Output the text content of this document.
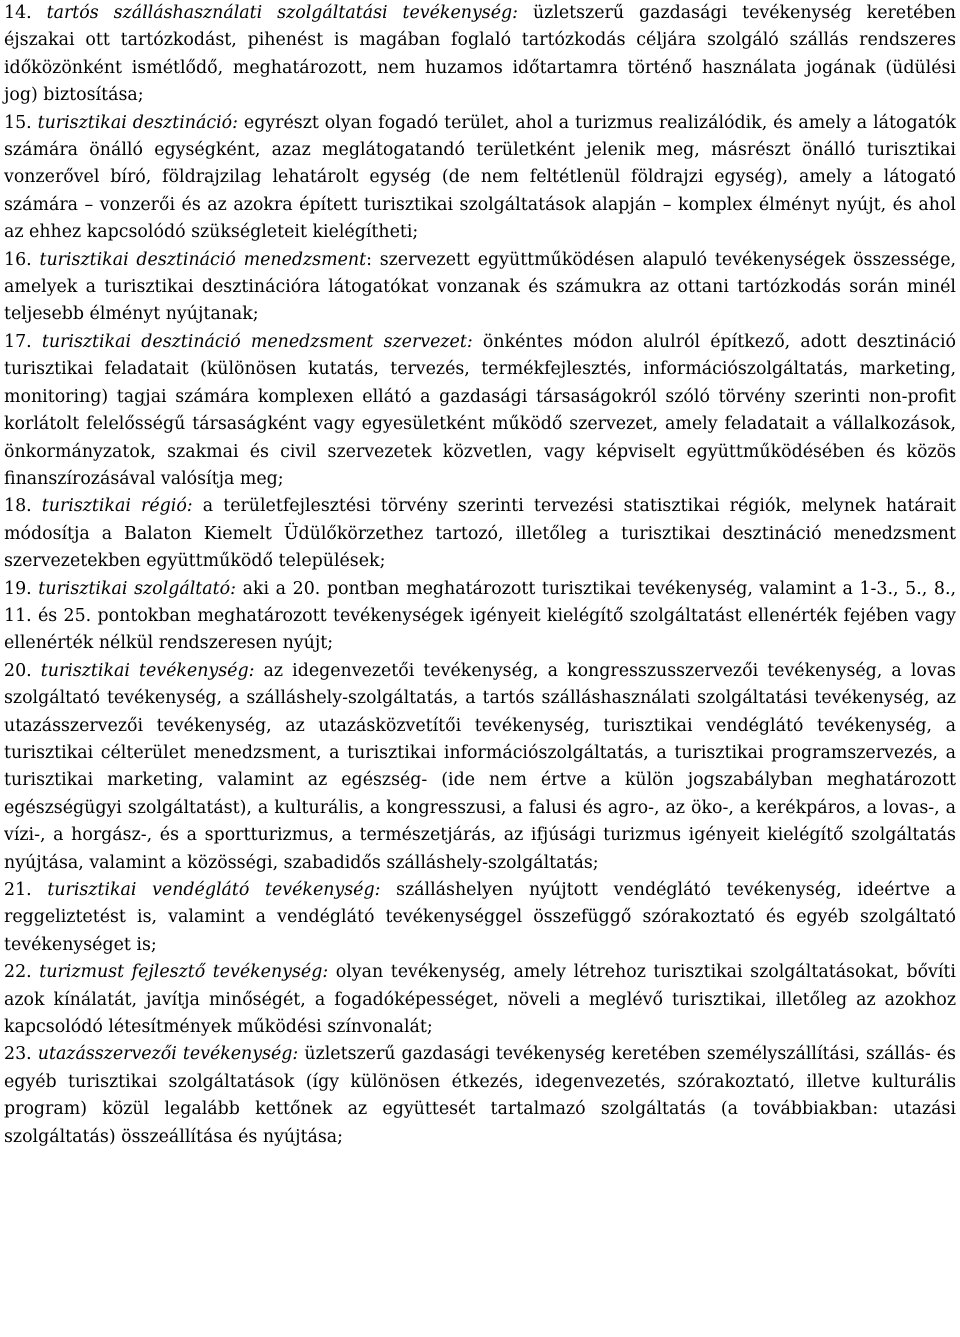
14. tartós szálláshasználati szolgáltatási tevékenység: üzletszerű gazdasági tevékenység keretében éjszakai ott tartózkodást, pihenést is magában foglaló tartózkodás céljára szolgáló szállás rendszeres időközönként ismétlődő, meghatározott, nem huzamos időtartamra történő használata jogának (üdülési jog) biztosítása;

15. turisztikai desztináció: egyrészt olyan fogadó terület, ahol a turizmus realizálódik, és amely a látogatók számára önálló egységként, azaz meglátogatandó területként jelenik meg, másrészt önálló turisztikai vonzerővel bíró, földrajzilag lehatárolt egység (de nem feltétlenül földrajzi egység), amely a látogató számára – vonzerői és az azokra épített turisztikai szolgáltatások alapján – komplex élményt nyújt, és ahol az ehhez kapcsolódó szükségleteit kielégítheti;

16. turisztikai desztináció menedzsment: szervezett együttműködésen alapuló tevékenységek összessége, amelyek a turisztikai desztinációra látogatókat vonzanak és számukra az ottani tartózkodás során minél teljesebb élményt nyújtanak;

17. turisztikai desztináció menedzsment szervezet: önkéntes módon alulról építkező, adott desztináció turisztikai feladatait (különösen kutatás, tervezés, termékfejlesztés, információszolgáltatás, marketing, monitoring) tagjai számára komplexen ellátó a gazdasági társaságokról szóló törvény szerinti non-profit korlátolt felelősségű társaságként vagy egyesületként működő szervezet, amely feladatait a vállalkozások, önkormányzatok, szakmai és civil szervezetek közvetlen, vagy képviselt együttműködésében és közös finanszírozásával valósítja meg;

18. turisztikai régió: a területfejlesztési törvény szerinti tervezési statisztikai régiók, melynek határait módosítja a Balaton Kiemelt Üdülőkörzethez tartozó, illetőleg a turisztikai desztináció menedzsment szervezetekben együttműködő települések;

19. turisztikai szolgáltató: aki a 20. pontban meghatározott turisztikai tevékenység, valamint a 1-3., 5., 8., 11. és 25. pontokban meghatározott tevékenységek igényeit kielégítő szolgáltatást ellenérték fejében vagy ellenérték nélkül rendszeresen nyújt;

20. turisztikai tevékenység: az idegenvezetői tevékenység, a kongresszusszervezői tevékenység, a lovas szolgáltató tevékenység, a szálláshely-szolgáltatás, a tartós szálláshasználati szolgáltatási tevékenység, az utazásszervezői tevékenység, az utazásközvetítői tevékenység, turisztikai vendéglátó tevékenység, a turisztikai célterület menedzsment, a turisztikai információszolgáltatás, a turisztikai programszervezés, a turisztikai marketing, valamint az egészség- (ide nem értve a külön jogszabályban meghatározott egészségügyi szolgáltatást), a kulturális, a kongresszusi, a falusi és agro-, az öko-, a kerékpáros, a lovas-, a vízi-, a horgász-, és a sportturizmus, a természetjárás, az ifjúsági turizmus igényeit kielégítő szolgáltatás nyújtása, valamint a közösségi, szabadidős szálláshely-szolgáltatás;

21. turisztikai vendéglátó tevékenység: szálláshelyen nyújtott vendéglátó tevékenység, ideértve a reggeliztetést is, valamint a vendéglátó tevékenységgel összefüggő szórakoztató és egyéb szolgáltató tevékenységet is;

22. turizmust fejlesztő tevékenység: olyan tevékenység, amely létrehoz turisztikai szolgáltatásokat, bővíti azok kínálatát, javítja minőségét, a fogadóképességet, növeli a meglévő turisztikai, illetőleg az azokhoz kapcsolódó létesítmények működési színvonalát;

23. utazásszervezői tevékenység: üzletszerű gazdasági tevékenység keretében személyszállítási, szállás- és egyéb turisztikai szolgáltatások (így különösen étkezés, idegenvezetés, szórakoztató, illetve kulturális program) közül legalább kettőnek az együttesét tartalmazó szolgáltatás (a továbbiakban: utazási szolgáltatás) összeállítása és nyújtása;
